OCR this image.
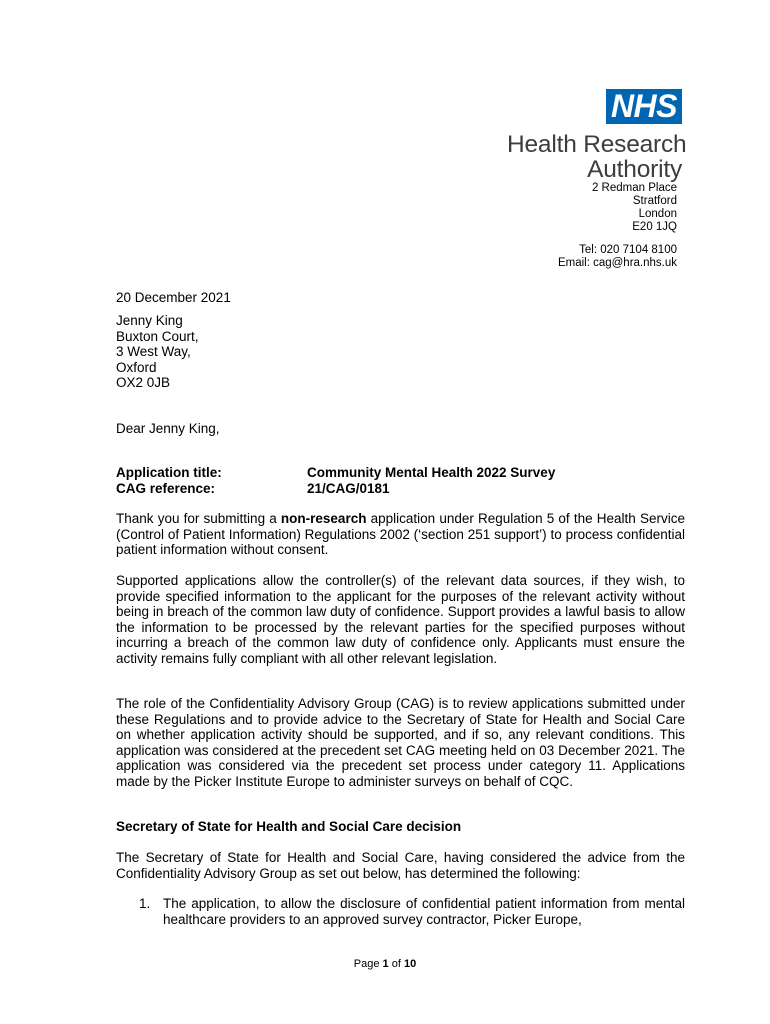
NHS
Health Research
Authority
2 Redman Place
Stratford
London
E20 1JQ
Tel: 020 7104 8100
Email: cag@hra.nhs.uk
20 December 2021
Jenny King
Buxton Court,
3 West Way,
Oxford
OX2 0JB
Dear Jenny King,
Application title:	Community Mental Health 2022 Survey
CAG reference:	21/CAG/0181
Thank you for submitting a non-research application under Regulation 5 of the Health Service (Control of Patient Information) Regulations 2002 (‘section 251 support’) to process confidential patient information without consent.
Supported applications allow the controller(s) of the relevant data sources, if they wish, to provide specified information to the applicant for the purposes of the relevant activity without being in breach of the common law duty of confidence. Support provides a lawful basis to allow the information to be processed by the relevant parties for the specified purposes without incurring a breach of the common law duty of confidence only. Applicants must ensure the activity remains fully compliant with all other relevant legislation.
The role of the Confidentiality Advisory Group (CAG) is to review applications submitted under these Regulations and to provide advice to the Secretary of State for Health and Social Care on whether application activity should be supported, and if so, any relevant conditions. This application was considered at the precedent set CAG meeting held on 03 December 2021. The application was considered via the precedent set process under category 11. Applications made by the Picker Institute Europe to administer surveys on behalf of CQC.
Secretary of State for Health and Social Care decision
The Secretary of State for Health and Social Care, having considered the advice from the Confidentiality Advisory Group as set out below, has determined the following:
1. The application, to allow the disclosure of confidential patient information from mental healthcare providers to an approved survey contractor, Picker Europe,
Page 1 of 10
